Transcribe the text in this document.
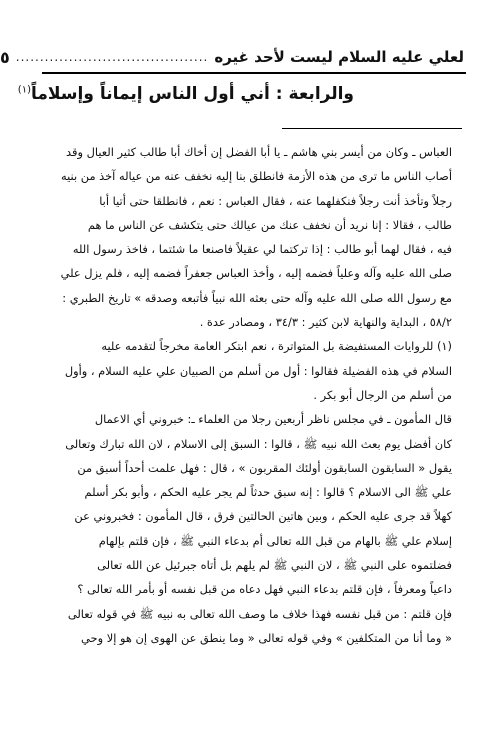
لعلي عليه السلام ليست لأحد غيره
........................................
٥
والرابعة : أني أول الناس إيماناً وإسلاماً$^{(١)}$

العباس ـ وكان من أيسر بني هاشم ـ يا أبا الفضل إن أخاك أبا طالب كثير العيال وقد
أصاب الناس ما ترى من هذه الأزمة فانطلق بنا إليه نخفف عنه من عياله آخذ من بنيه
رجلاً وتأخذ أنت رجلاً فنكفلهما عنه ، فقال العباس : نعم ، فانطلقا حتى أتيا أبا
طالب ، فقالا : إنا نريد أن نخفف عنك من عيالك حتى يتكشف عن الناس ما هم
فيه ، فقال لهما أبو طالب : إذا تركتما لي عقيلاً فاصنعا ما شئتما ، فاخذ رسول الله
صلى الله عليه وآله وعلياً فضمه إليه ، وأخذ العباس جعفراً فضمه إليه ، فلم يزل علي
مع رسول الله صلى الله عليه وآله حتى بعثه الله نبياً فأتبعه وصدقه » تاريخ الطبري :
٥٨/٢ ، البداية والنهاية لابن كثير : ٣٤/٣ ، ومصادر عدة .

(١) للروايات المستفيضة بل المتواترة ، نعم ابتكر العامة مخرجاً لتقدمه عليه
السلام في هذه الفضيلة فقالوا : أول من أسلم من الصبيان علي عليه السلام ، وأول
من أسلم من الرجال أبو بكر .

قال المأمون ـ في مجلس ناظر أربعين رجلا من العلماء ـ: خبروني أي الاعمال
كان أفضل يوم بعث الله نبيه ﷺ ، قالوا : السبق إلى الاسلام ، لان الله تبارك وتعالى
يقول « السابقون السابقون أولئك المقربون » ، قال : فهل علمت أحداً أسبق من
علي ﷺ الى الاسلام ؟ قالوا : إنه سبق حدثاً لم يجر عليه الحكم ، وأبو بكر أسلم
كهلاً قد جرى عليه الحكم ، وبين هاتين الحالتين فرق ، قال المأمون : فخبروني عن
إسلام علي ﷺ بالهام من قبل الله تعالى أم بدعاء النبي ﷺ ، فإن قلتم بإلهام
فضلتموه على النبي ﷺ ، لان النبي ﷺ لم يلهم بل أتاه جبرئيل عن الله تعالى
داعياً ومعرفاً ، فإن قلتم بدعاء النبي فهل دعاه من قبل نفسه أو بأمر الله تعالى ؟
فإن قلتم : من قبل نفسه فهذا خلاف ما وصف الله تعالى به نبيه ﷺ في قوله تعالى
« وما أنا من المتكلفين » وفي قوله تعالى « وما ينطق عن الهوى إن هو إلا وحي
